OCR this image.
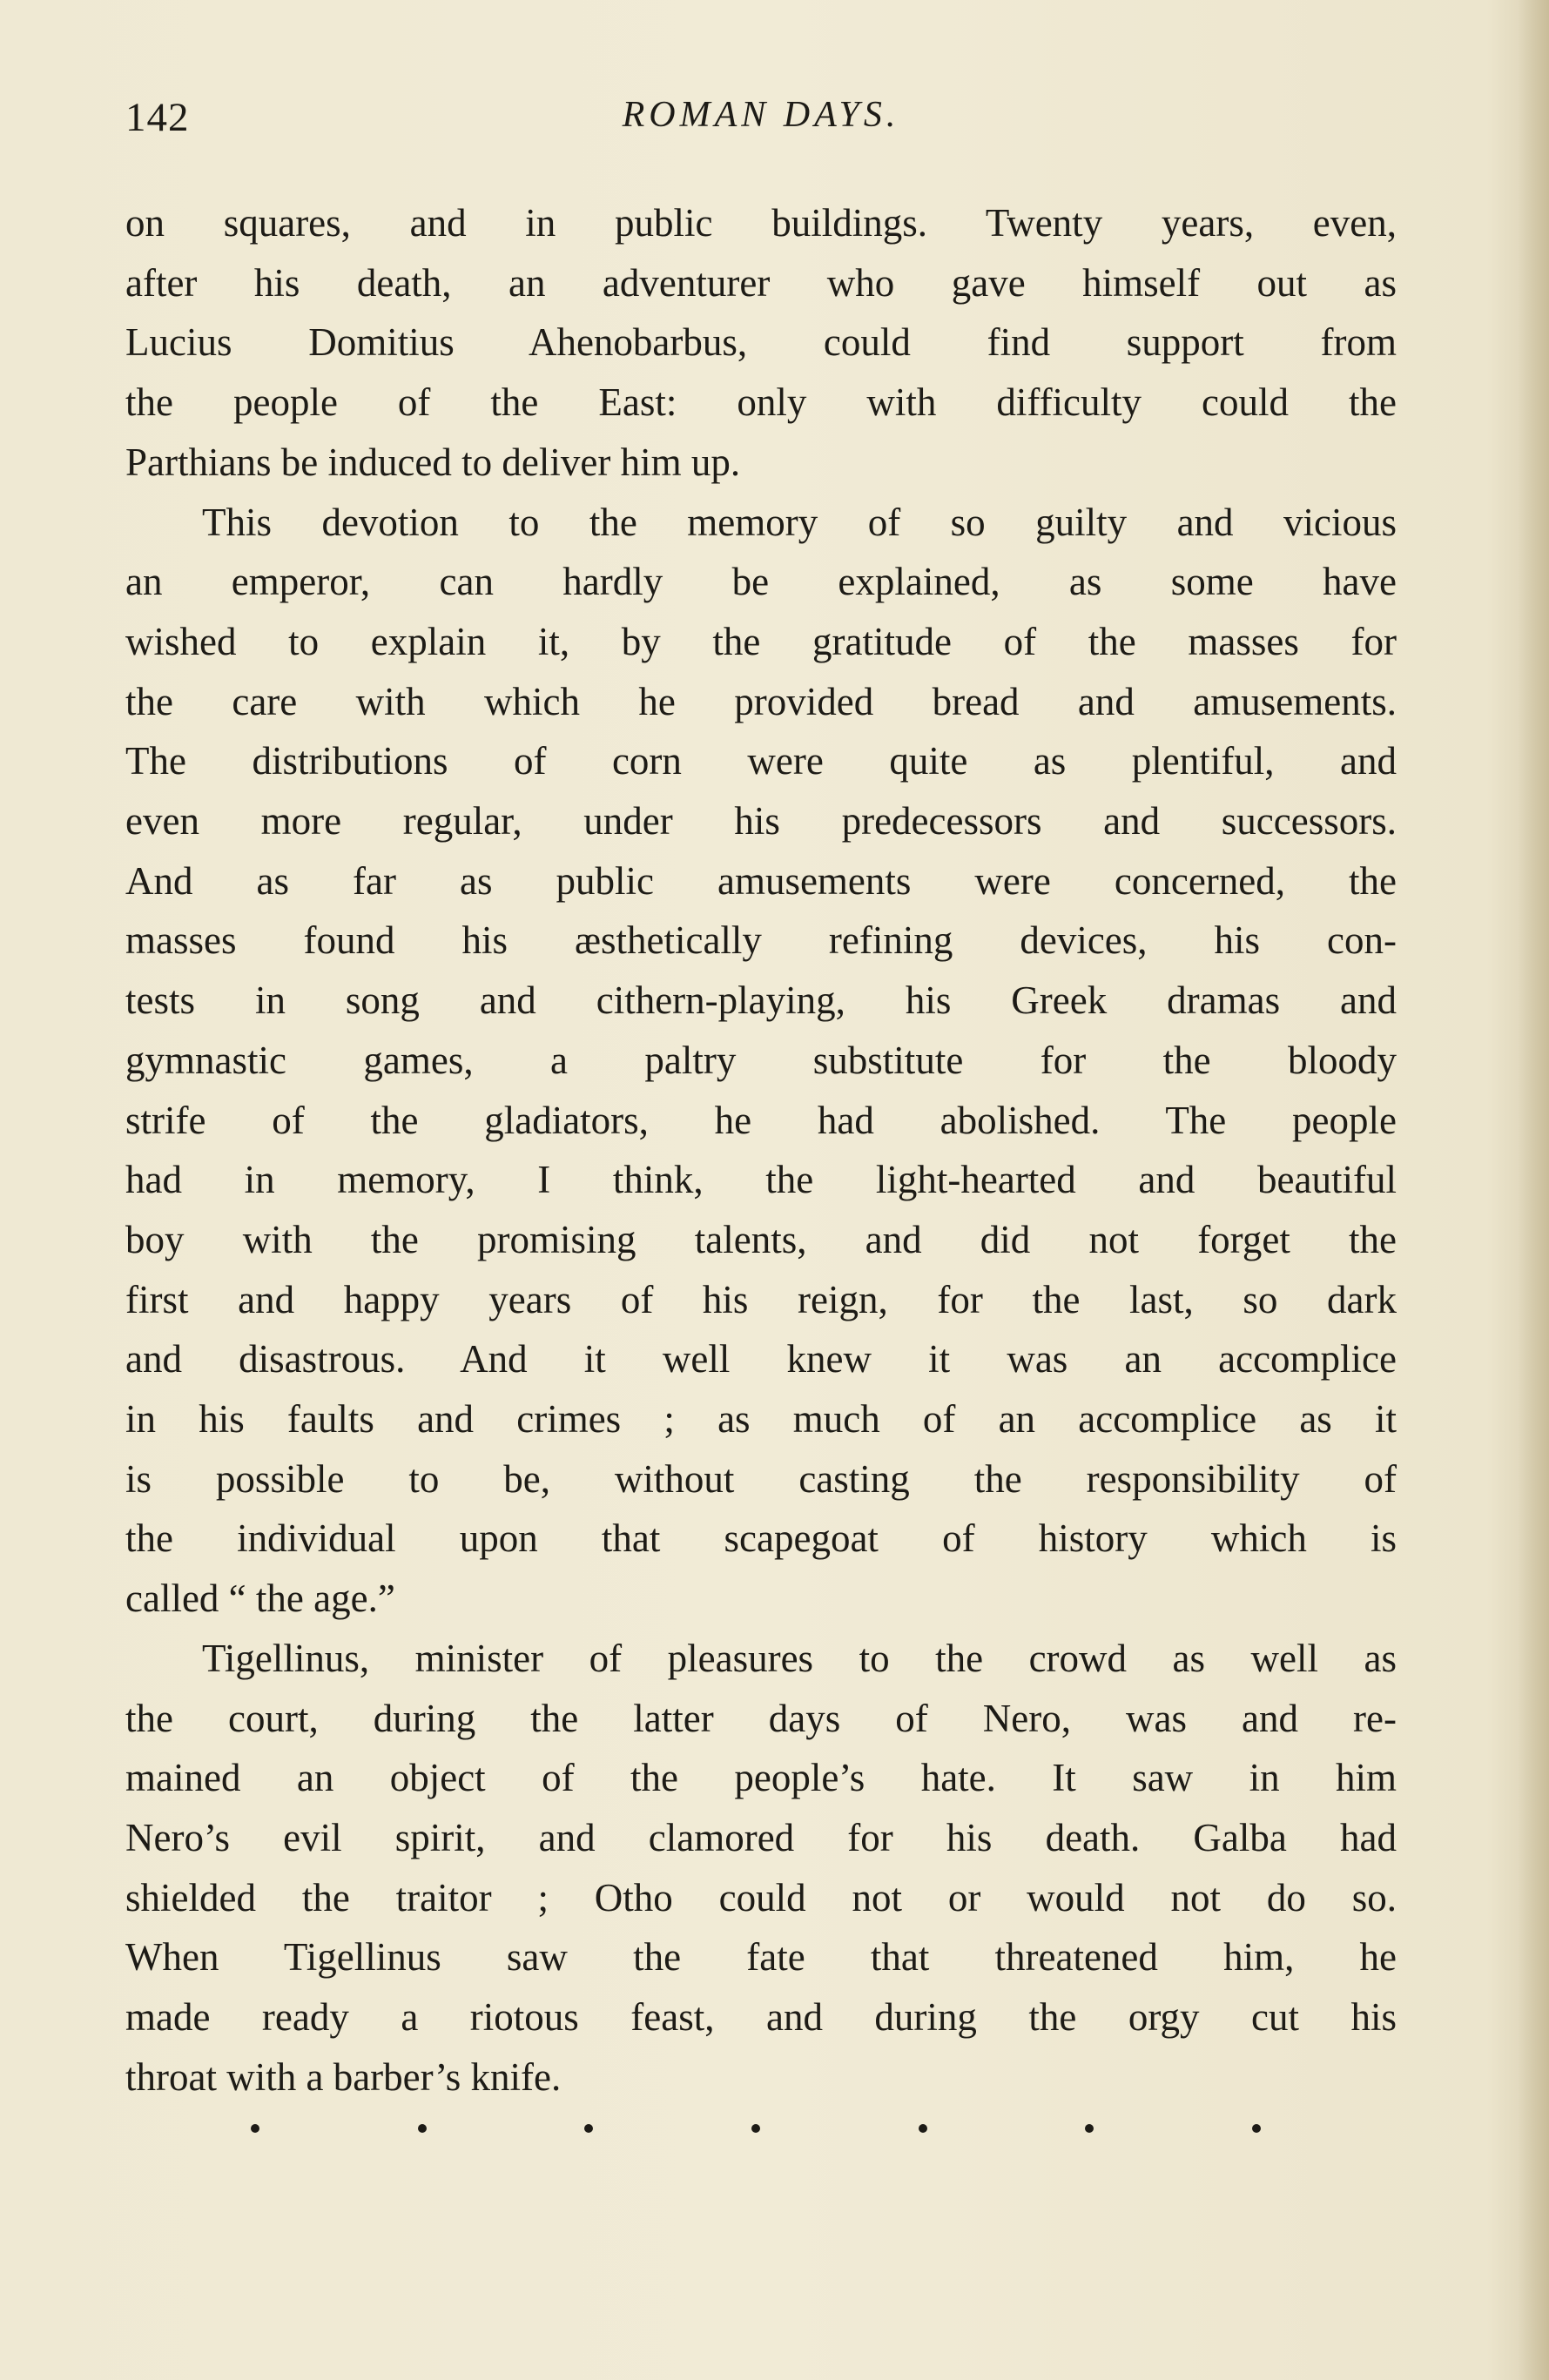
142	ROMAN DAYS.
on squares, and in public buildings. Twenty years, even,
after his death, an adventurer who gave himself out as
Lucius Domitius Ahenobarbus, could find support from
the people of the East: only with difficulty could the
Parthians be induced to deliver him up.
This devotion to the memory of so guilty and vicious
an emperor, can hardly be explained, as some have
wished to explain it, by the gratitude of the masses for
the care with which he provided bread and amusements.
The distributions of corn were quite as plentiful, and
even more regular, under his predecessors and successors.
And as far as public amusements were concerned, the
masses found his æsthetically refining devices, his con-
tests in song and cithern-playing, his Greek dramas and
gymnastic games, a paltry substitute for the bloody
strife of the gladiators, he had abolished. The people
had in memory, I think, the light-hearted and beautiful
boy with the promising talents, and did not forget the
first and happy years of his reign, for the last, so dark
and disastrous. And it well knew it was an accomplice
in his faults and crimes ; as much of an accomplice as it
is possible to be, without casting the responsibility of
the individual upon that scapegoat of history which is
called “ the age.”
Tigellinus, minister of pleasures to the crowd as well as
the court, during the latter days of Nero, was and re-
mained an object of the people’s hate. It saw in him
Nero’s evil spirit, and clamored for his death. Galba had
shielded the traitor ; Otho could not or would not do so.
When Tigellinus saw the fate that threatened him, he
made ready a riotous feast, and during the orgy cut his
throat with a barber’s knife.
